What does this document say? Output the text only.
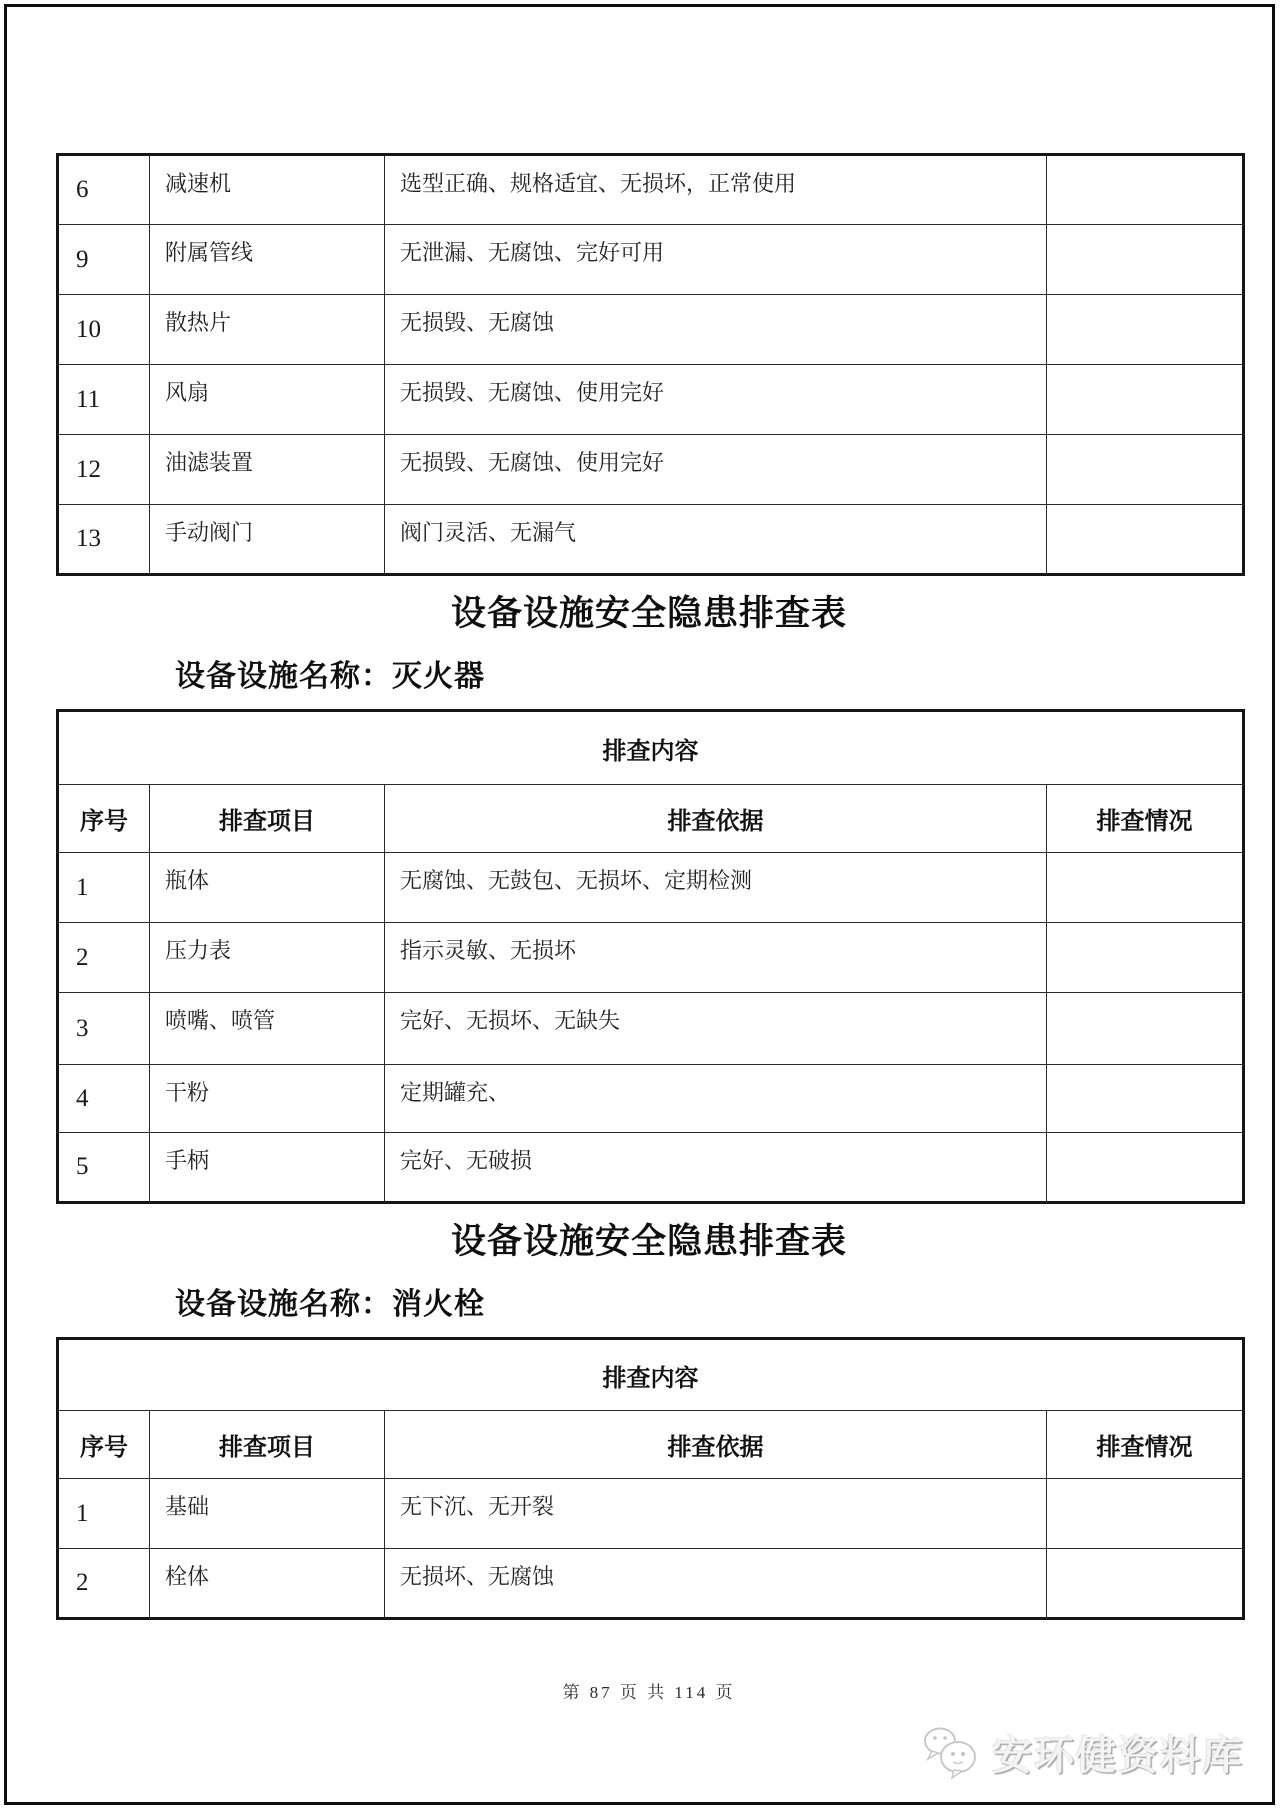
6	减速机	选型正确、规格适宜、无损坏，正常使用	
9	附属管线	无泄漏、无腐蚀、完好可用	
10	散热片	无损毁、无腐蚀	
11	风扇	无损毁、无腐蚀、使用完好	
12	油滤装置	无损毁、无腐蚀、使用完好	
13	手动阀门	阀门灵活、无漏气	
设备设施安全隐患排查表
设备设施名称：灭火器
排查内容			
序号	排查项目	排查依据	排查情况
1	瓶体	无腐蚀、无鼓包、无损坏、定期检测	
2	压力表	指示灵敏、无损坏	
3	喷嘴、喷管	完好、无损坏、无缺失	
4	干粉	定期罐充、	
5	手柄	完好、无破损	
设备设施安全隐患排查表
设备设施名称：消火栓
排查内容			
序号	排查项目	排查依据	排查情况
1	基础	无下沉、无开裂	
2	栓体	无损坏、无腐蚀	
第 87 页 共 114 页
安环健资料库
